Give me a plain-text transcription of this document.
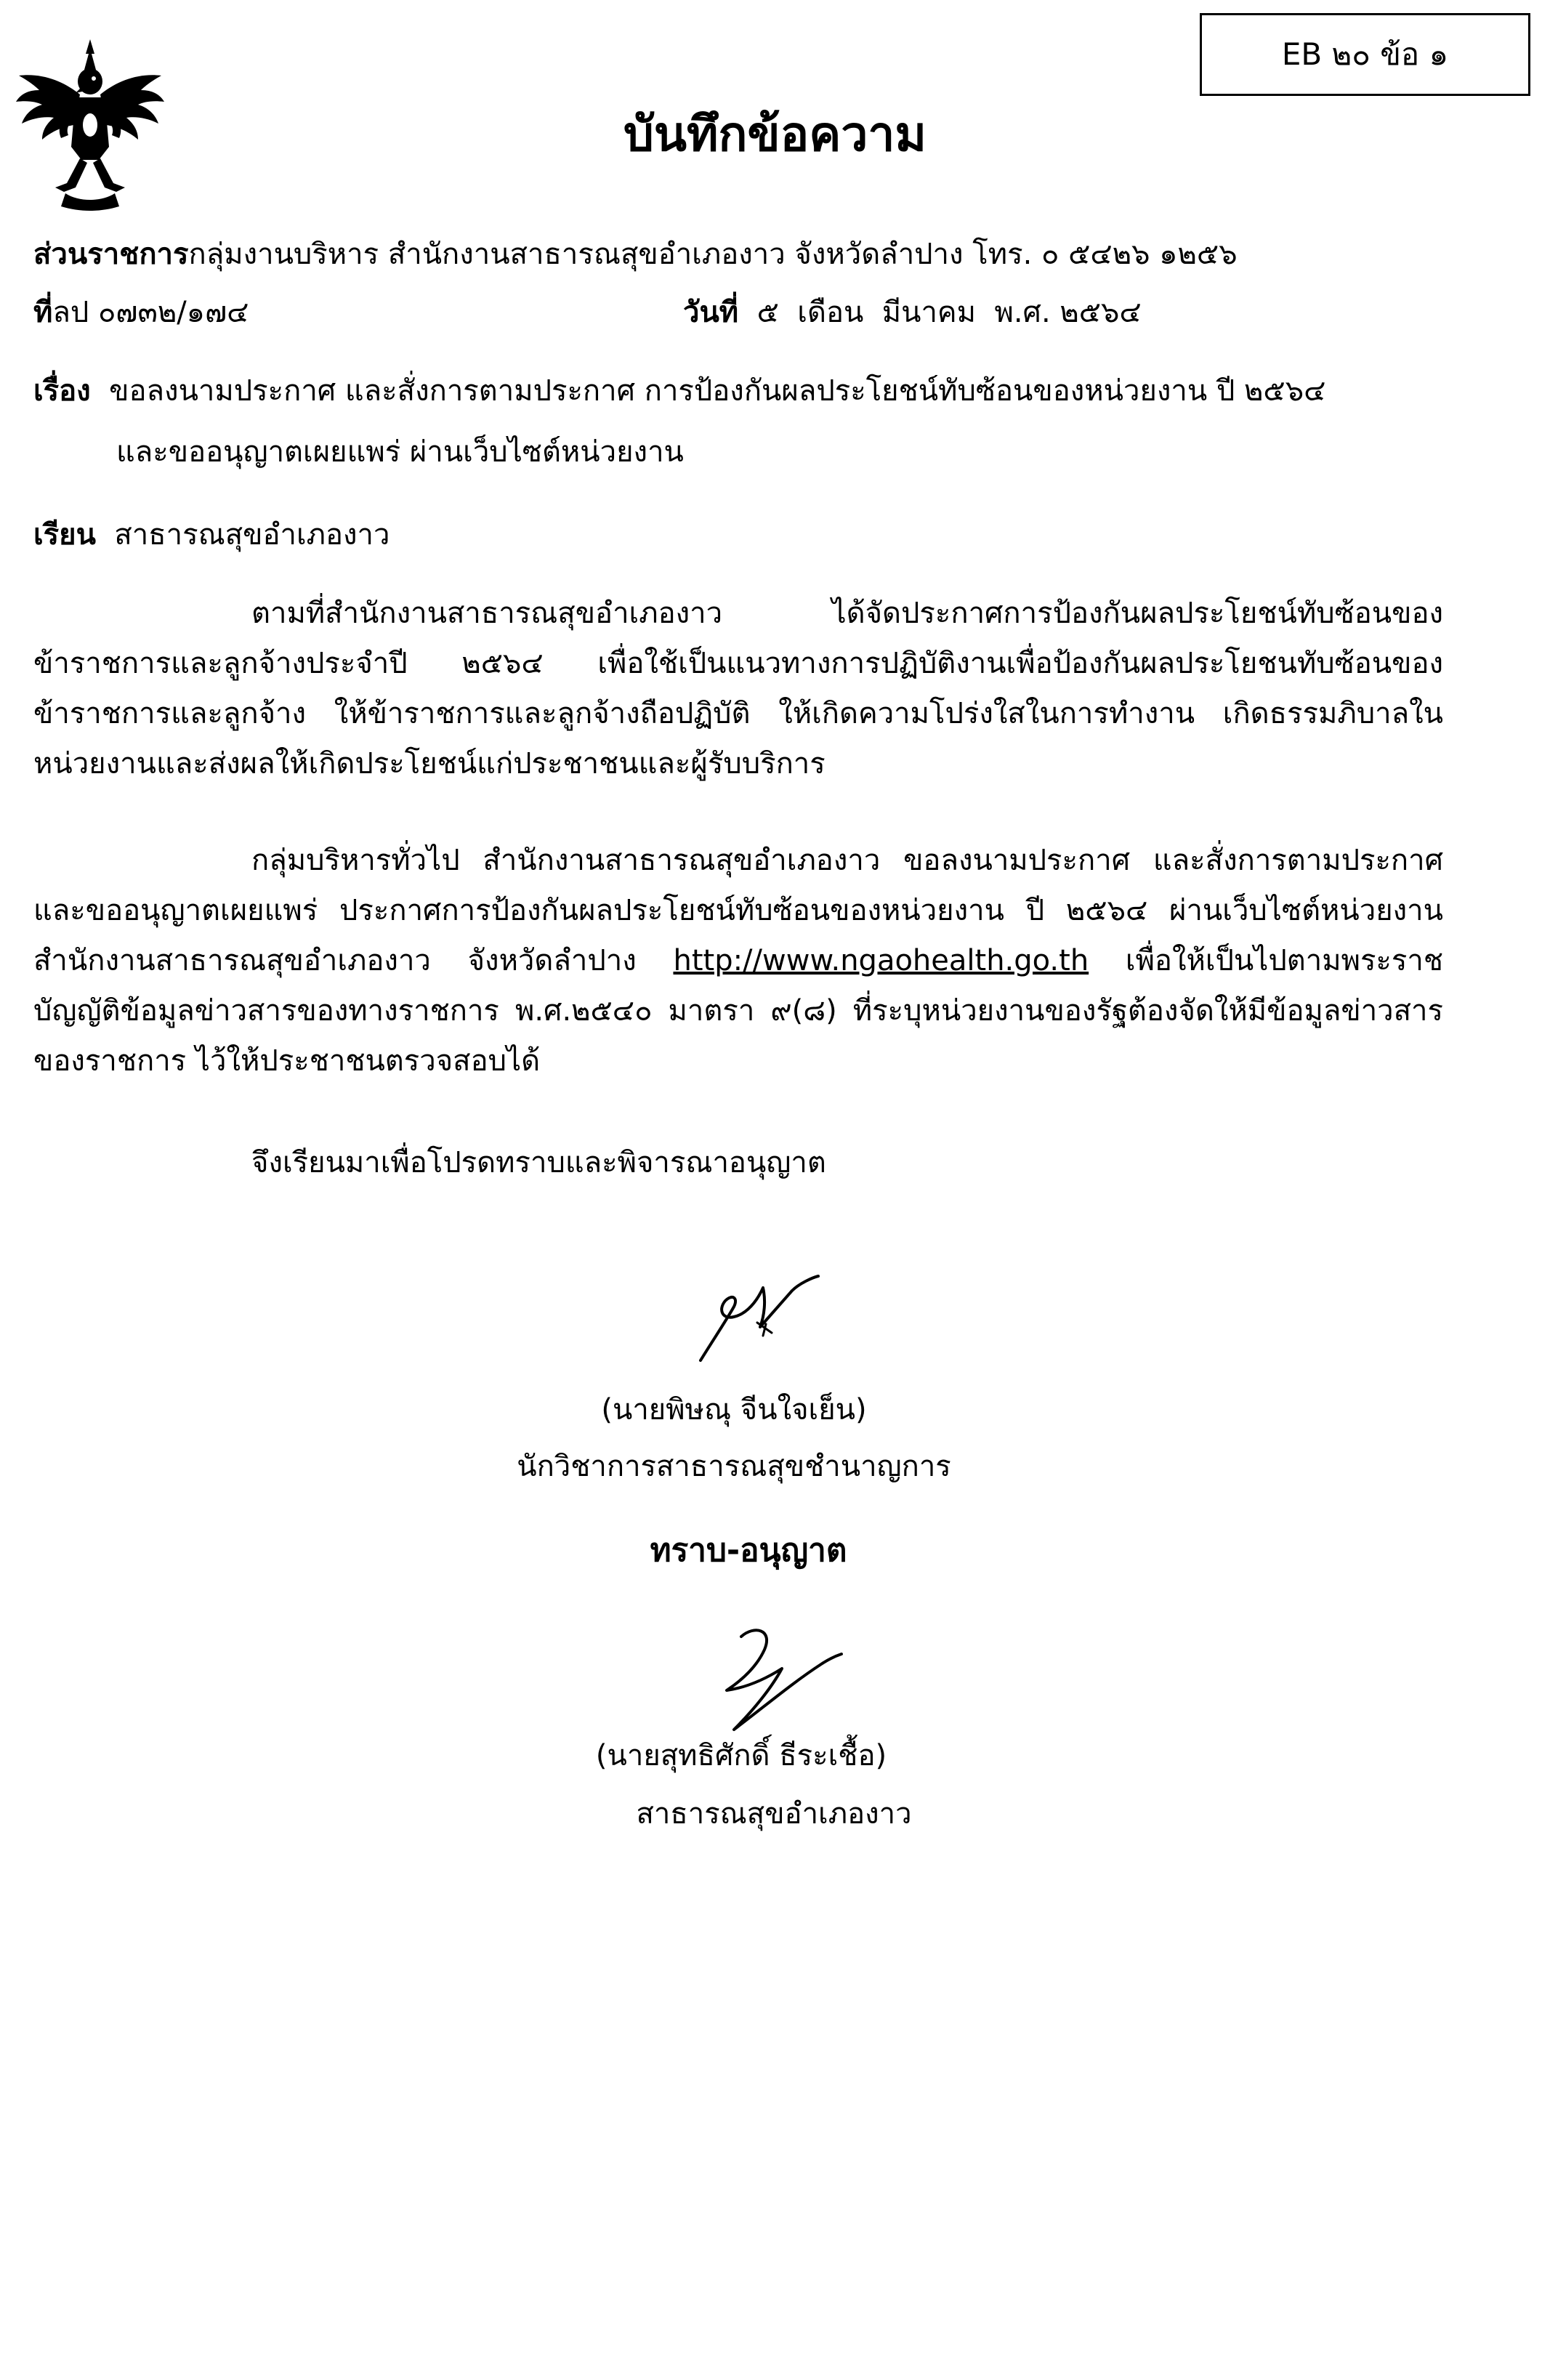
EB ๒๐ ข้อ ๑
บันทึกข้อความ
ส่วนราชการกลุ่มงานบริหาร สำนักงานสาธารณสุขอำเภองาว จังหวัดลำปาง โทร. ๐ ๕๔๒๖ ๑๒๕๖
ที่ลป ๐๗๓๒/๑๗๔	วันที่  ๕  เดือน  มีนาคม  พ.ศ. ๒๕๖๔
เรื่อง ขอลงนามประกาศ และสั่งการตามประกาศ การป้องกันผลประโยชน์ทับซ้อนของหน่วยงาน ปี ๒๕๖๔
และขออนุญาตเผยแพร่ ผ่านเว็บไซต์หน่วยงาน
เรียน สาธารณสุขอำเภองาว
ตามที่สำนักงานสาธารณสุขอำเภองาว ได้จัดประกาศการป้องกันผลประโยชน์ทับซ้อนของข้าราชการและลูกจ้างประจำปี ๒๕๖๔ เพื่อใช้เป็นแนวทางการปฏิบัติงานเพื่อป้องกันผลประโยชนทับซ้อนของข้าราชการและลูกจ้าง ให้ข้าราชการและลูกจ้างถือปฏิบัติ ให้เกิดความโปร่งใสในการทำงาน เกิดธรรมภิบาลในหน่วยงานและส่งผลให้เกิดประโยชน์แก่ประชาชนและผู้รับบริการ
กลุ่มบริหารทั่วไป สำนักงานสาธารณสุขอำเภองาว ขอลงนามประกาศ และสั่งการตามประกาศและขออนุญาตเผยแพร่ ประกาศการป้องกันผลประโยชน์ทับซ้อนของหน่วยงาน ปี ๒๕๖๔ ผ่านเว็บไซต์หน่วยงานสำนักงานสาธารณสุขอำเภองาว จังหวัดลำปาง http://www.ngaohealth.go.th เพื่อให้เป็นไปตามพระราชบัญญัติข้อมูลข่าวสารของทางราชการ พ.ศ.๒๕๔๐ มาตรา ๙(๘) ที่ระบุหน่วยงานของรัฐต้องจัดให้มีข้อมูลข่าวสารของราชการ ไว้ให้ประชาชนตรวจสอบได้
จึงเรียนมาเพื่อโปรดทราบและพิจารณาอนุญาต
(นายพิษณุ จีนใจเย็น)
นักวิชาการสาธารณสุขชำนาญการ
ทราบ-อนุญาต
(นายสุทธิศักดิ์ ธีระเชื้อ)
สาธารณสุขอำเภองาว
